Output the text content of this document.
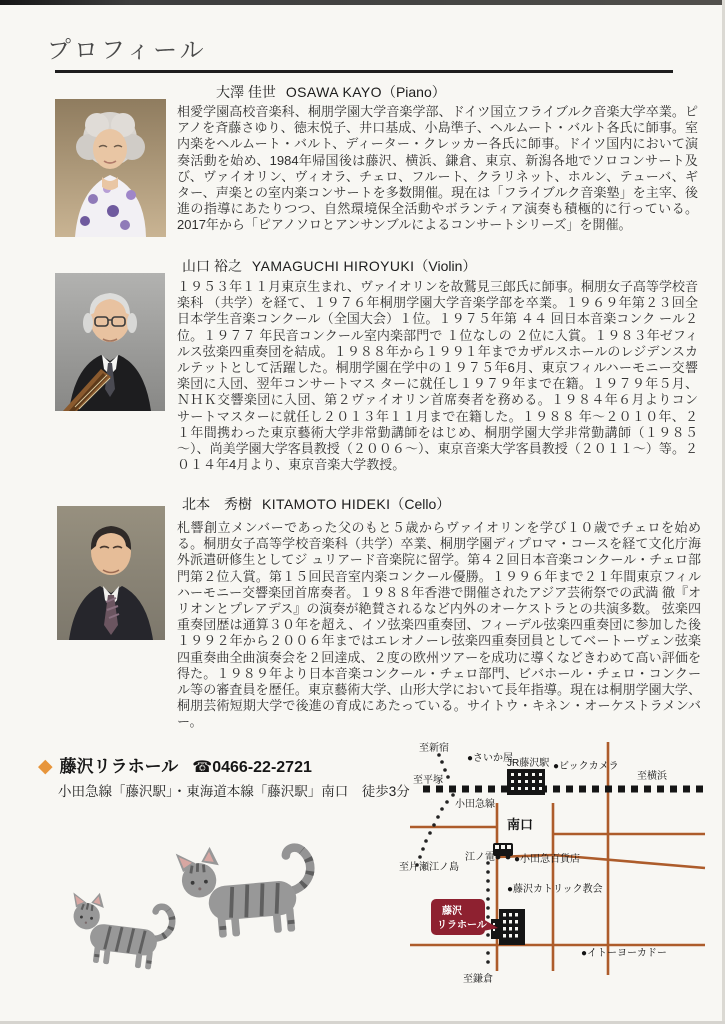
プロフィール
大澤 佳世 OSAWA KAYO（Piano）
相愛学園高校音楽科、桐朋学園大学音楽学部、ドイツ国立フライブルク音楽大学卒業。ピアノを斉藤さゆり、徳末悦子、井口基成、小島準子、ヘルムート・バルト各氏に師事。室内楽をヘルムート・バルト、ディーター・クレッカー各氏に師事。ドイツ国内において演奏活動を始め、1984年帰国後は藤沢、横浜、鎌倉、東京、新潟各地でソロコンサート及び、ヴァイオリン、ヴィオラ、チェロ、フルート、クラリネット、ホルン、テューバ、ギター、声楽との室内楽コンサートを多数開催。現在は「フライブルク音楽塾」を主宰、後進の指導にあたりつつ、自然環境保全活動やボランティア演奏も積極的に行っている。2017年から「ピアノソロとアンサンブルによるコンサートシリーズ」を開催。
山口 裕之 YAMAGUCHI HIROYUKI（Violin）
１９５３年１１月東京生まれ、ヴァイオリンを故鷲見三郎氏に師事。桐朋女子高等学校音楽科 （共学）を経て、１９７６年桐朋学園大学音楽学部を卒業。１９６９年第２３回全日本学生音楽コンクール（全国大会）１位。１９７５年第 ４４ 回日本音楽コンク ール２位。１９７７ 年民音コンクール室内楽部門で １位なしの ２位に入賞。１９８３年ゼフィルス弦楽四重奏団を結成。１９８８年から１９９１年までカザルスホールのレジデンスカルテットとして活躍した。桐朋学園在学中の１９７５年6月、東京フィルハーモニー交響楽団に入団、翌年コンサートマス ターに就任し１９７９年まで在籍。１９７９年５月、ＮＨＫ交響楽団に入団、第２ヴァイオリン首席奏者を務める。１９８４年６月よりコン サートマスターに就任し２０１３年１１月まで在籍した。１９８８ 年～２０１０年、２１年間携わった東京藝術大学非常勤講師をはじめ、桐朋学園大学非常勤講師（１９８５～）、尚美学園大学客員教授（２００６～）、東京音楽大学客員教授（２０１１～）等。２０１４年4月より、東京音楽大学教授。
北本　秀樹 KITAMOTO HIDEKI（Cello）
札響創立メンバーであった父のもと５歳からヴァイオリンを学び１０歳でチェロを始める。桐朋女子高等学校音楽科（共学）卒業、桐朋学園ディプロマ・コースを経て文化庁海外派遣研修生としてジ ュリアード音楽院に留学。第４２回日本音楽コンクール・チェロ部門第２位入賞。第１５回民音室内楽コンクール優勝。１９９６年まで２１年間東京フィルハーモニー交響楽団首席奏者。１９８８年香港で開催されたアジア芸術祭での武満 徹『オリオンとプレアデス』の演奏が絶賛されるなど内外のオーケストラとの共演多数。 弦楽四重奏団歴は通算３０年を超え、イソ弦楽四重奏団、フィーデル弦楽四重奏団に参加した後１９９２年から２００６年まではエレオノーレ弦楽四重奏団員としてベートーヴェン弦楽四重奏曲全曲演奏会を２回達成、２度の欧州ツアーを成功に導くなどきわめて高い評価を得た。１９８９年より日本音楽コンクール・チェロ部門、ビバホール・チェロ・コンクール等の審査員を歴任。東京藝術大学、山形大学において長年指導。現在は桐朋学園大学、桐朋芸術短期大学で後進の育成にあたっている。サイトウ・キネン・オーケストラメンバー。
◆ 藤沢リラホール ☎0466-22-2721
小田急線「藤沢駅」・東海道本線「藤沢駅」南口　徒歩3分
藤沢
リラホール
至新宿
●さいか屋
JR藤沢駅 ●ビックカメラ
至平塚	至横浜
小田急線
南口
江ノ電 ●小田急百貨店
至片瀬江ノ島
●藤沢カトリック教会
●イトーヨーカドー
至鎌倉
